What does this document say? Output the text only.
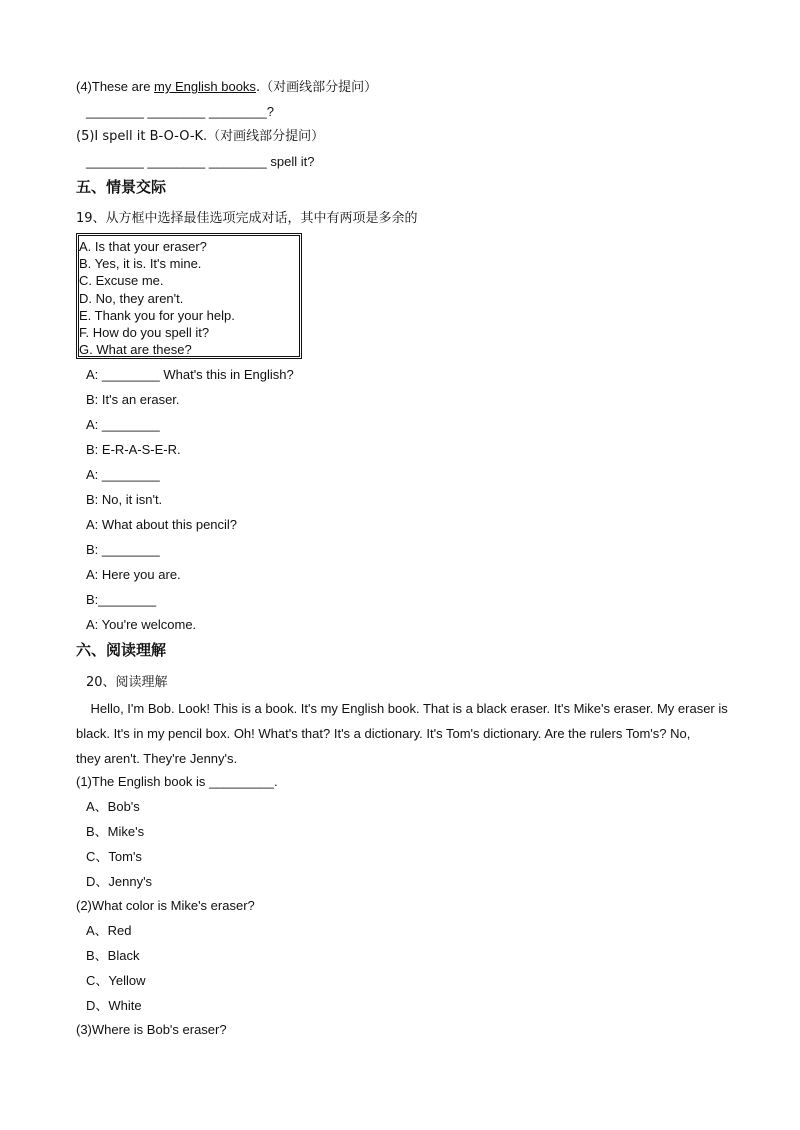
(4)These are my English books.（对画线部分提问）
________ ________ ________?
(5)I spell it B-O-O-K.（对画线部分提问）
________ ________ ________ spell it?
五、情景交际
19、从方框中选择最佳选项完成对话，其中有两项是多余的
A. Is that your eraser?
B. Yes, it is. It's mine.
C. Excuse me.
D. No, they aren't.
E. Thank you for your help.
F. How do you spell it?
G. What are these?
A: ________ What's this in English?
B: It's an eraser.
A: ________
B: E-R-A-S-E-R.
A: ________
B: No, it isn't.
A: What about this pencil?
B: ________
A: Here you are.
B:________
A: You're welcome.
六、阅读理解
20、阅读理解
Hello, I'm Bob. Look! This is a book. It's my English book. That is a black eraser. It's Mike's eraser. My eraser is
black. It's in my pencil box. Oh! What's that? It's a dictionary. It's Tom's dictionary. Are the rulers Tom's? No,
they aren't. They're Jenny's.
(1)The English book is _________.
A、Bob's
B、Mike's
C、Tom's
D、Jenny's
(2)What color is Mike's eraser?
A、Red
B、Black
C、Yellow
D、White
(3)Where is Bob's eraser?
